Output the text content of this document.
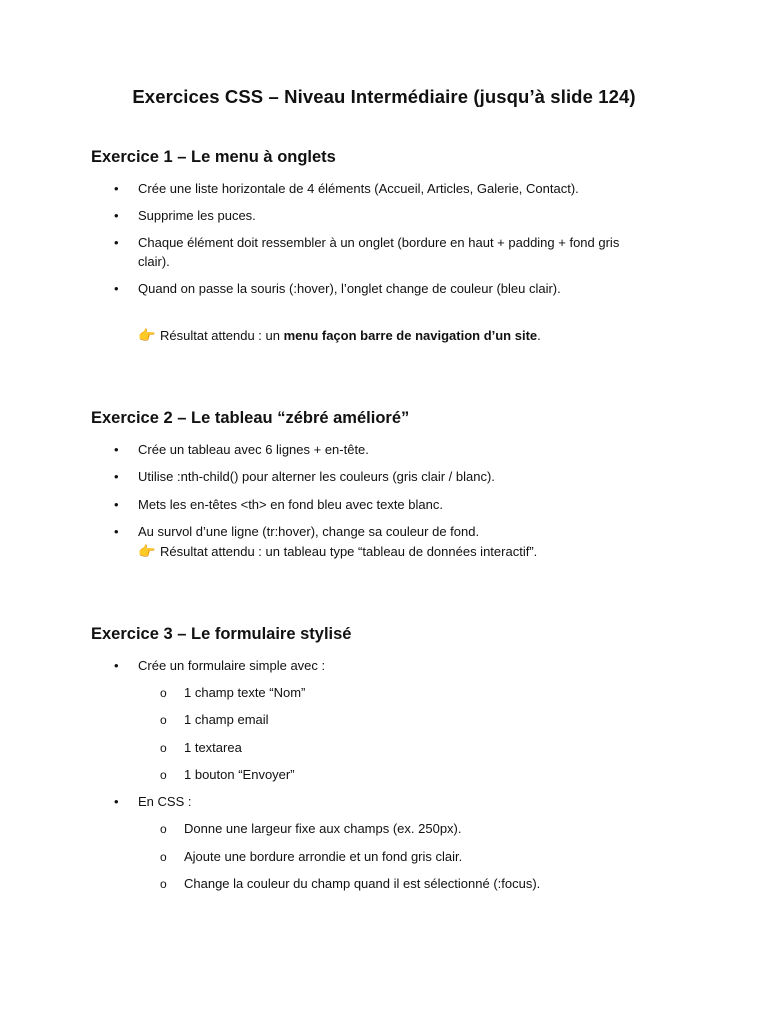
Exercices CSS – Niveau Intermédiaire (jusqu’à slide 124)
Exercice 1 – Le menu à onglets
• Crée une liste horizontale de 4 éléments (Accueil, Articles, Galerie, Contact).
• Supprime les puces.
• Chaque élément doit ressembler à un onglet (bordure en haut + padding + fond gris clair).
• Quand on passe la souris (:hover), l’onglet change de couleur (bleu clair).
👉 Résultat attendu : un menu façon barre de navigation d’un site.
Exercice 2 – Le tableau “zébré amélioré”
• Crée un tableau avec 6 lignes + en-tête.
• Utilise :nth-child() pour alterner les couleurs (gris clair / blanc).
• Mets les en-têtes <th> en fond bleu avec texte blanc.
• Au survol d’une ligne (tr:hover), change sa couleur de fond.
👉 Résultat attendu : un tableau type “tableau de données interactif”.
Exercice 3 – Le formulaire stylisé
• Crée un formulaire simple avec :
o 1 champ texte “Nom”
o 1 champ email
o 1 textarea
o 1 bouton “Envoyer”
• En CSS :
o Donne une largeur fixe aux champs (ex. 250px).
o Ajoute une bordure arrondie et un fond gris clair.
o Change la couleur du champ quand il est sélectionné (:focus).
